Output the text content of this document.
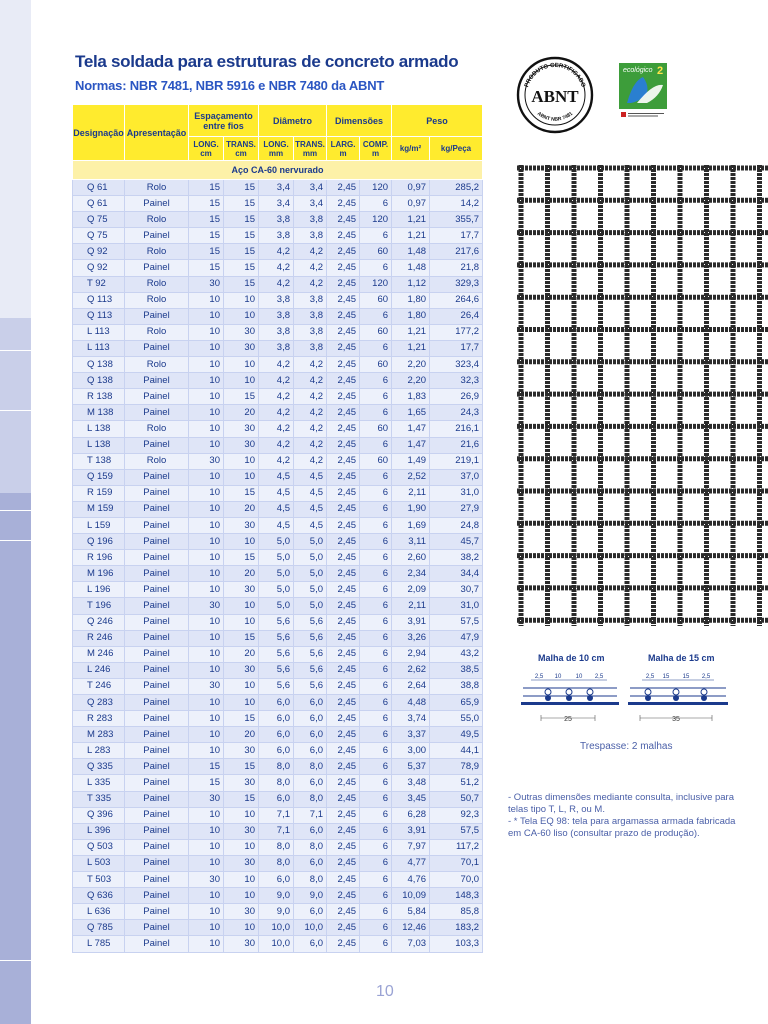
Tela soldada para estruturas de concreto armado
Normas: NBR 7481, NBR 5916 e NBR 7480 da ABNT
Designação	Apresentação	Espaçamento entre fios		Diâmetro		Dimensões		Peso	
		LONG. cm	TRANS. cm	LONG. mm	TRANS. mm	LARG. m	COMP. m	kg/m²	kg/Peça
Aço CA-60 nervurado									
Q 61	Rolo	15	15	3,4	3,4	2,45	120	0,97	285,2
Q 61	Painel	15	15	3,4	3,4	2,45	6	0,97	14,2
Q 75	Rolo	15	15	3,8	3,8	2,45	120	1,21	355,7
Q 75	Painel	15	15	3,8	3,8	2,45	6	1,21	17,7
Q 92	Rolo	15	15	4,2	4,2	2,45	60	1,48	217,6
Q 92	Painel	15	15	4,2	4,2	2,45	6	1,48	21,8
T 92	Rolo	30	15	4,2	4,2	2,45	120	1,12	329,3
Q 113	Rolo	10	10	3,8	3,8	2,45	60	1,80	264,6
Q 113	Painel	10	10	3,8	3,8	2,45	6	1,80	26,4
L 113	Rolo	10	30	3,8	3,8	2,45	60	1,21	177,2
L 113	Painel	10	30	3,8	3,8	2,45	6	1,21	17,7
Q 138	Rolo	10	10	4,2	4,2	2,45	60	2,20	323,4
Q 138	Painel	10	10	4,2	4,2	2,45	6	2,20	32,3
R 138	Painel	10	15	4,2	4,2	2,45	6	1,83	26,9
M 138	Painel	10	20	4,2	4,2	2,45	6	1,65	24,3
L 138	Rolo	10	30	4,2	4,2	2,45	60	1,47	216,1
L 138	Painel	10	30	4,2	4,2	2,45	6	1,47	21,6
T 138	Rolo	30	10	4,2	4,2	2,45	60	1,49	219,1
Q 159	Painel	10	10	4,5	4,5	2,45	6	2,52	37,0
R 159	Painel	10	15	4,5	4,5	2,45	6	2,11	31,0
M 159	Painel	10	20	4,5	4,5	2,45	6	1,90	27,9
L 159	Painel	10	30	4,5	4,5	2,45	6	1,69	24,8
Q 196	Painel	10	10	5,0	5,0	2,45	6	3,11	45,7
R 196	Painel	10	15	5,0	5,0	2,45	6	2,60	38,2
M 196	Painel	10	20	5,0	5,0	2,45	6	2,34	34,4
L 196	Painel	10	30	5,0	5,0	2,45	6	2,09	30,7
T 196	Painel	30	10	5,0	5,0	2,45	6	2,11	31,0
Q 246	Painel	10	10	5,6	5,6	2,45	6	3,91	57,5
R 246	Painel	10	15	5,6	5,6	2,45	6	3,26	47,9
M 246	Painel	10	20	5,6	5,6	2,45	6	2,94	43,2
L 246	Painel	10	30	5,6	5,6	2,45	6	2,62	38,5
T 246	Painel	30	10	5,6	5,6	2,45	6	2,64	38,8
Q 283	Painel	10	10	6,0	6,0	2,45	6	4,48	65,9
R 283	Painel	10	15	6,0	6,0	2,45	6	3,74	55,0
M 283	Painel	10	20	6,0	6,0	2,45	6	3,37	49,5
L 283	Painel	10	30	6,0	6,0	2,45	6	3,00	44,1
Q 335	Painel	15	15	8,0	8,0	2,45	6	5,37	78,9
L 335	Painel	15	30	8,0	6,0	2,45	6	3,48	51,2
T 335	Painel	30	15	6,0	8,0	2,45	6	3,45	50,7
Q 396	Painel	10	10	7,1	7,1	2,45	6	6,28	92,3
L 396	Painel	10	30	7,1	6,0	2,45	6	3,91	57,5
Q 503	Painel	10	10	8,0	8,0	2,45	6	7,97	117,2
L 503	Painel	10	30	8,0	6,0	2,45	6	4,77	70,1
T 503	Painel	30	10	6,0	8,0	2,45	6	4,76	70,0
Q 636	Painel	10	10	9,0	9,0	2,45	6	10,09	148,3
L 636	Painel	10	30	9,0	6,0	2,45	6	5,84	85,8
Q 785	Painel	10	10	10,0	10,0	2,45	6	12,46	183,2
L 785	Painel	10	30	10,0	6,0	2,45	6	7,03	103,3
PRODUTO CERTIFICADO
ABNT NBR 7481
ABNT
ecológico 2
Malha de 10 cm	Malha de 15 cm
2,5 10 10 2,5
25
2,5 15 15 2,5
35
Trespasse: 2 malhas

- Outras dimensões mediante consulta, inclusive para telas tipo T, L, R, ou M.

- * Tela EQ 98: tela para argamassa armada fabricada em CA-60 liso (consultar prazo de produção).

10
